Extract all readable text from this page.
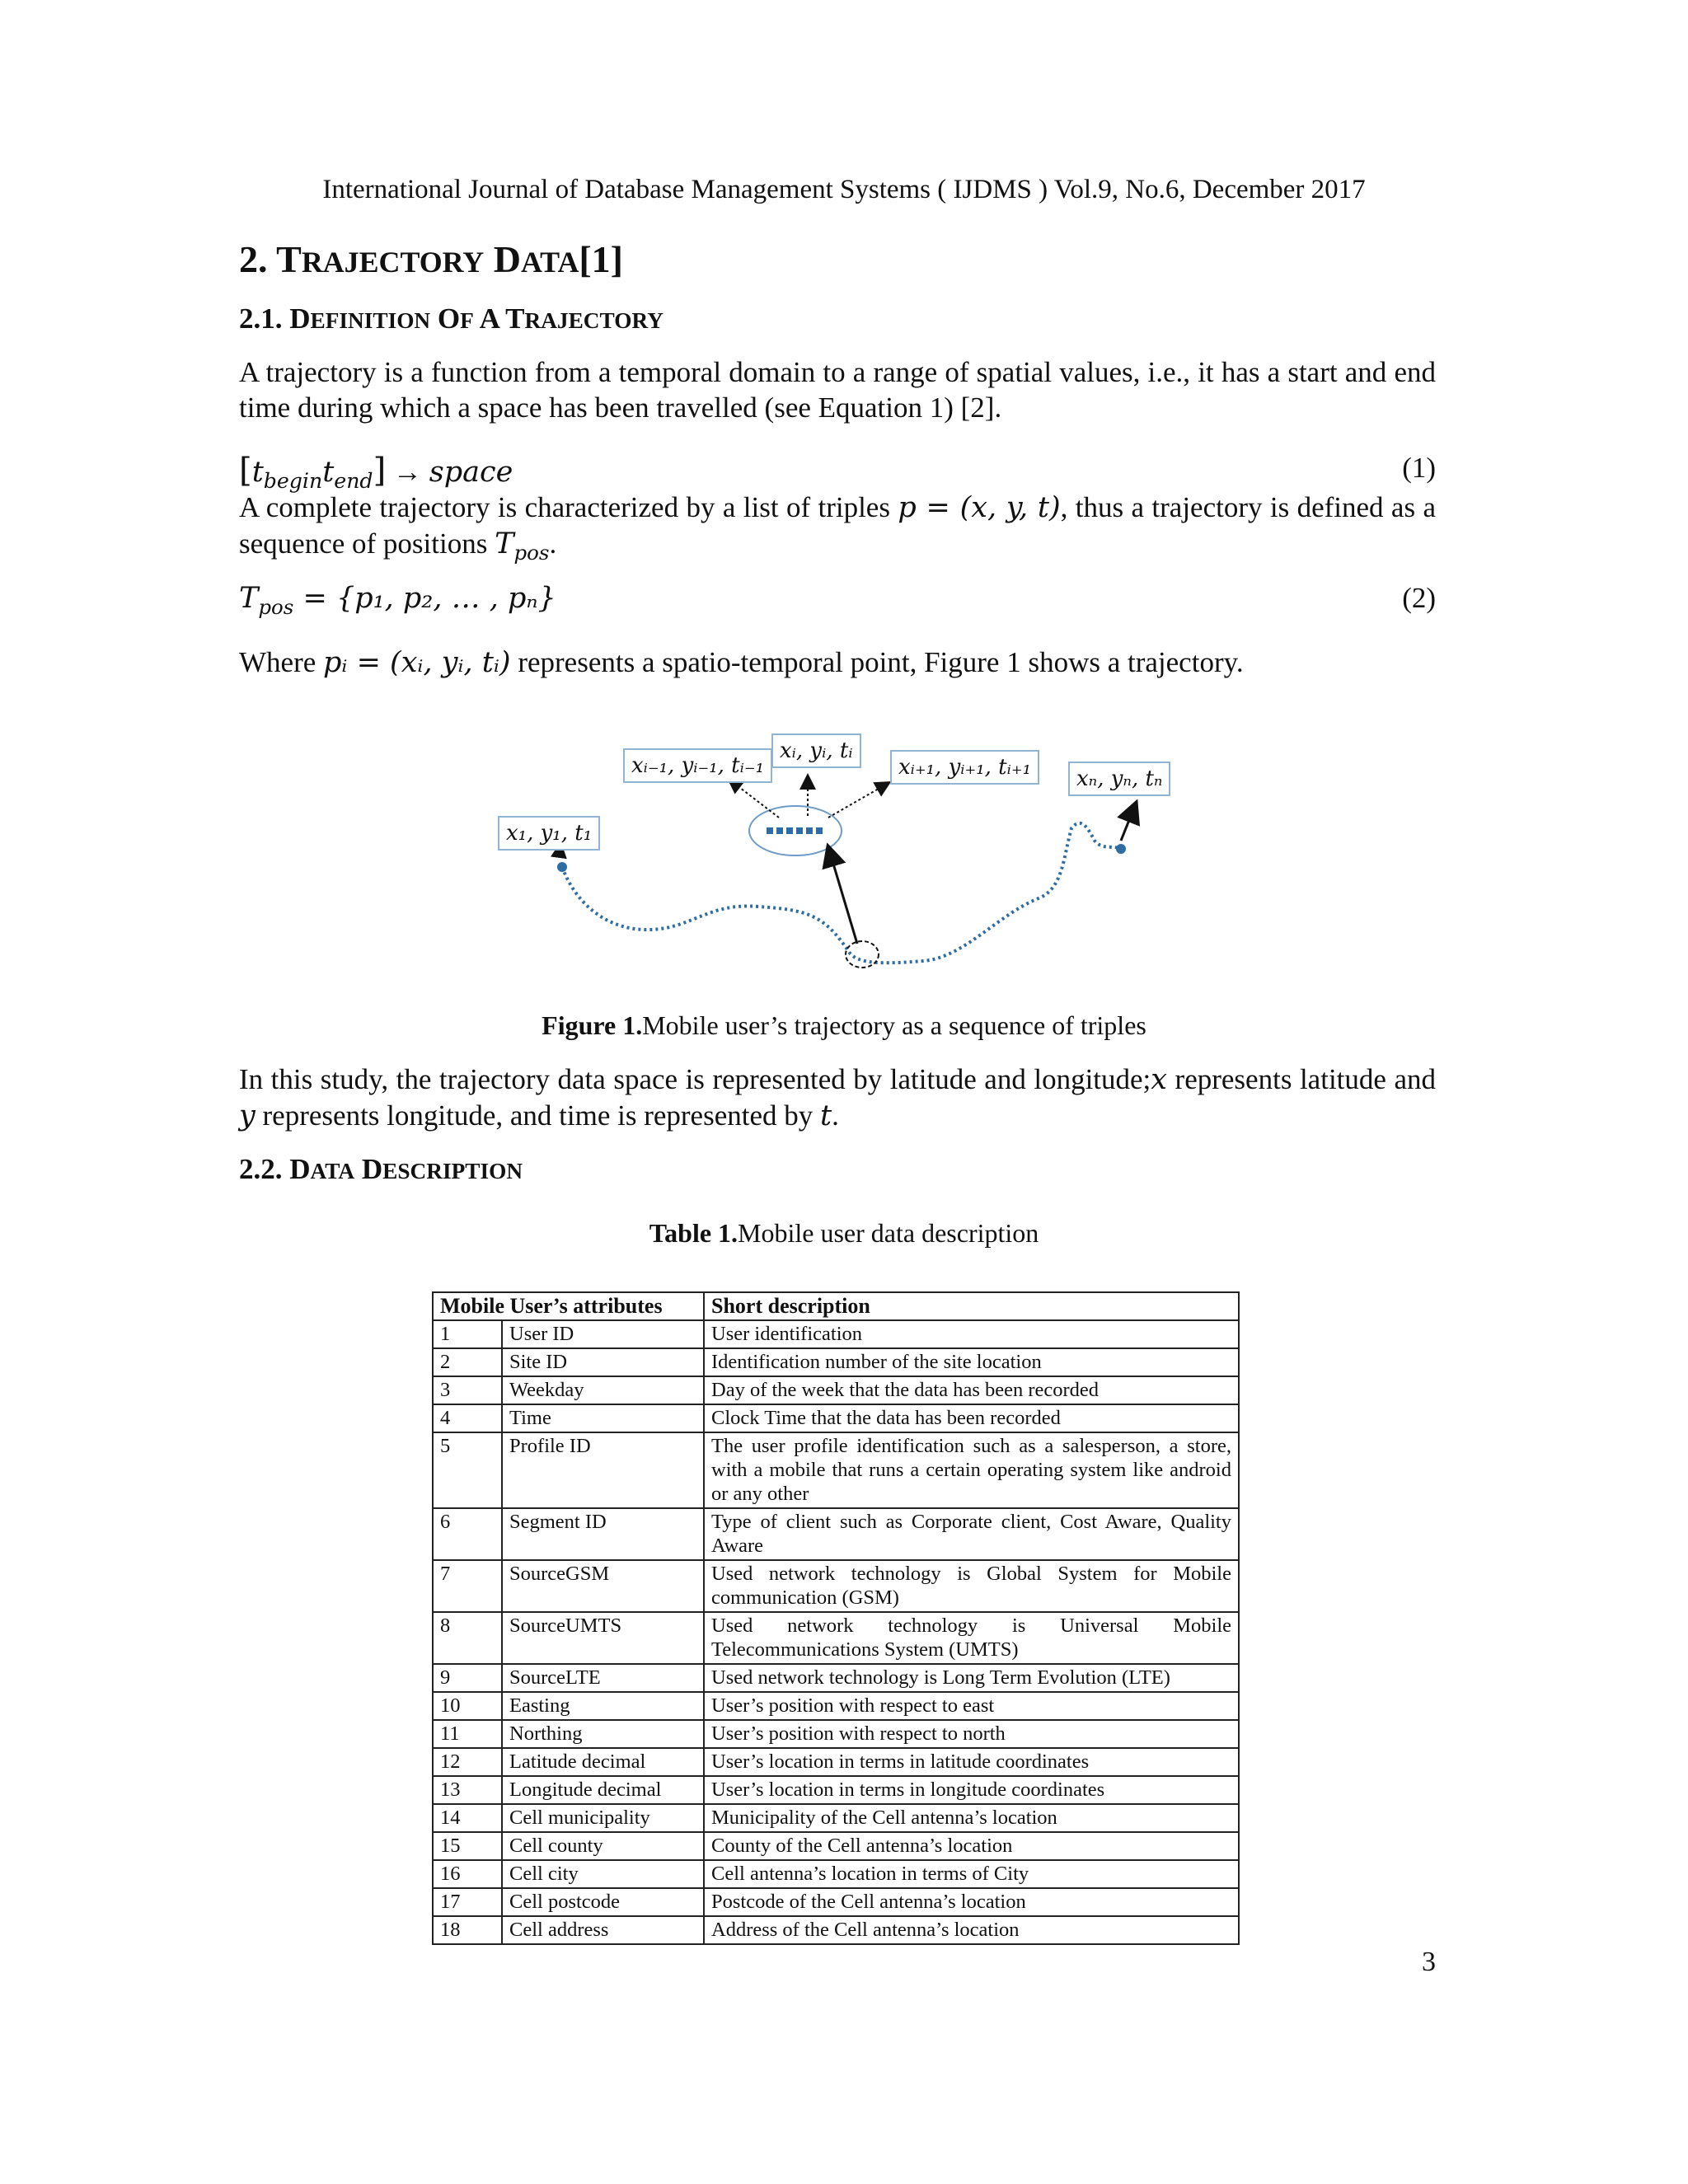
International Journal of Database Management Systems ( IJDMS ) Vol.9, No.6, December 2017
2. TRAJECTORY DATA[1]
2.1. DEFINITION OF A TRAJECTORY
A trajectory is a function from a temporal domain to a range of spatial values, i.e., it has a start and end time during which a space has been travelled (see Equation 1) [2].
$[t_{begin}t_{end}]$ → space	(1)
A complete trajectory is characterized by a list of triples p = (x, y, t), thus a trajectory is defined as a sequence of positions $T_{pos}$.
$T_{pos} = \{p_1$, p₂, … , pₙ}	(2)
Where pᵢ = (xᵢ, yᵢ, tᵢ) represents a spatio-temporal point, Figure 1 shows a trajectory.
x₁, y₁, t₁
xᵢ₋₁, yᵢ₋₁, tᵢ₋₁
xᵢ, yᵢ, tᵢ
xᵢ₊₁, yᵢ₊₁, tᵢ₊₁	xₙ, yₙ, tₙ
Figure 1.Mobile user’s trajectory as a sequence of triples
In this study, the trajectory data space is represented by latitude and longitude;x represents latitude and y represents longitude, and time is represented by t.
2.2. DATA DESCRIPTION
Table 1.Mobile user data description
Mobile User’s attributes		Short description
1	User ID	User identification
2	Site ID	Identification number of the site location
3	Weekday	Day of the week that the data has been recorded
4	Time	Clock Time that the data has been recorded
5	Profile ID	The user profile identification such as a salesperson, a store, with a mobile that runs a certain operating system like android or any other
6	Segment ID	Type of client such as Corporate client, Cost Aware, Quality Aware
7	SourceGSM	Used network technology is Global System for Mobile communication (GSM)
8	SourceUMTS	Used network technology is Universal Mobile Telecommunications System (UMTS)
9	SourceLTE	Used network technology is Long Term Evolution (LTE)
10	Easting	User’s position with respect to east
11	Northing	User’s position with respect to north
12	Latitude decimal	User’s location in terms in latitude coordinates
13	Longitude decimal	User’s location in terms in longitude coordinates
14	Cell municipality	Municipality of the Cell antenna’s location
15	Cell county	County of the Cell antenna’s location
16	Cell city	Cell antenna’s location in terms of City
17	Cell postcode	Postcode of the Cell antenna’s location
18	Cell address	Address of the Cell antenna’s location
3
